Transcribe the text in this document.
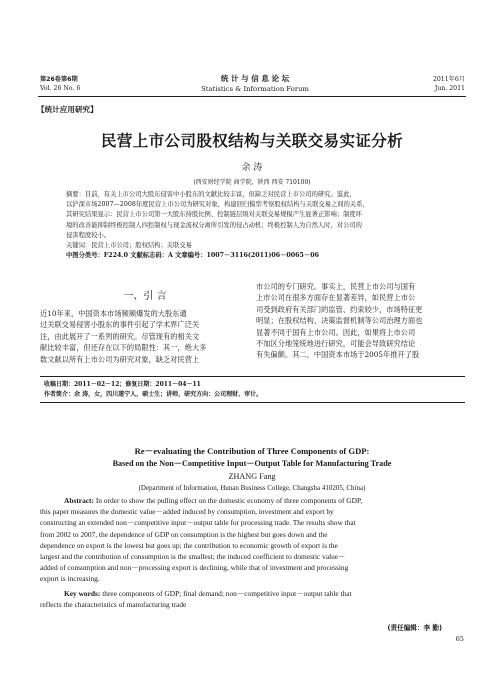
第26卷第6期
Vol. 26 No. 6
统 计 与 信 息 论 坛
Statistics & Information Forum
2011年6月
Jun. 2011
【统计应用研究】
民营上市公司股权结构与关联交易实证分析
余 涛
(西安财经学院 商学院，陕西 西安 710100)
摘要：目前，有关上市公司大股东侵害中小股东的文献比较丰富，但缺乏对民营上市公司的研究。鉴此，
以沪深市场2007—2008年度民营上市公司为研究对象，构建回归模型考察股权结构与关联交易之间的关系，
其研究结果显示：民营上市公司第一大股东持股比例、控制链层级对关联交易规模产生显著正影响；制度环
境的改善能抑制终极控制人四控制权与现金流权分离所引发的侵占动机；终极控制人为自然人时，对公司的
侵害程度较小。
关键词：民营上市公司；股权结构；关联交易
中图分类号：F224.0 文献标志码：A 文章编号：1007－3116(2011)06－0065－06
一、引 言
近10年来，中国资本市场频频爆发的大股东通
过关联交易侵害小股东的事件引起了学术界广泛关
注，由此展开了一系列的研究。尽管现有的相关文
献比较丰富，但还存在以下的局限性：其一，绝大多
数文献以所有上市公司为研究对象，缺乏对民营上
市公司的专门研究。事实上，民营上市公司与国有
上市公司在很多方面存在显著差异，如民营上市公
司受到政府有关部门的监管、约束较少，市场特征更
明显；在股权结构、决策监督机制等公司治理方面也
显著不同于国有上市公司。因此，如果将上市公司
不加区分地笼统地进行研究，可能会导致研究结论
有失偏颇。其二，中国资本市场于2005年推开了股
收稿日期：2011－02－12；修复日期：2011－04－11
作者简介：余 涛，女，四川遂宁人，硕士生；讲师，研究方向：公司理财、审计。
Re－evaluating the Contribution of Three Components of GDP:
Based on the Non－Competitive Input－Output Table for Manufacturing Trade
ZHANG Fang
(Department of Information, Hunan Business College, Changsha 410205, China)
Abstract: In order to show the pulling effect on the domestic economy of three components of GDP,
this paper measures the domestic value－added induced by consumption, investment and export by
constructing an extended non－competitive input－output table for processing trade. The results show that
from 2002 to 2007, the dependence of GDP on consumption is the highest but goes down and the
dependence on export is the lowest but goes up; the contribution to economic growth of export is the
largest and the contribution of consumption is the smallest; the induced coefficient to domestic value－
added of consumption and non－processing export is declining, while that of investment and processing
export is increasing.
Key words: three components of GDP; final demand; non－competitive input－output table that
reflects the characteristics of manufacturing trade
(责任编辑：李 勤)
65
